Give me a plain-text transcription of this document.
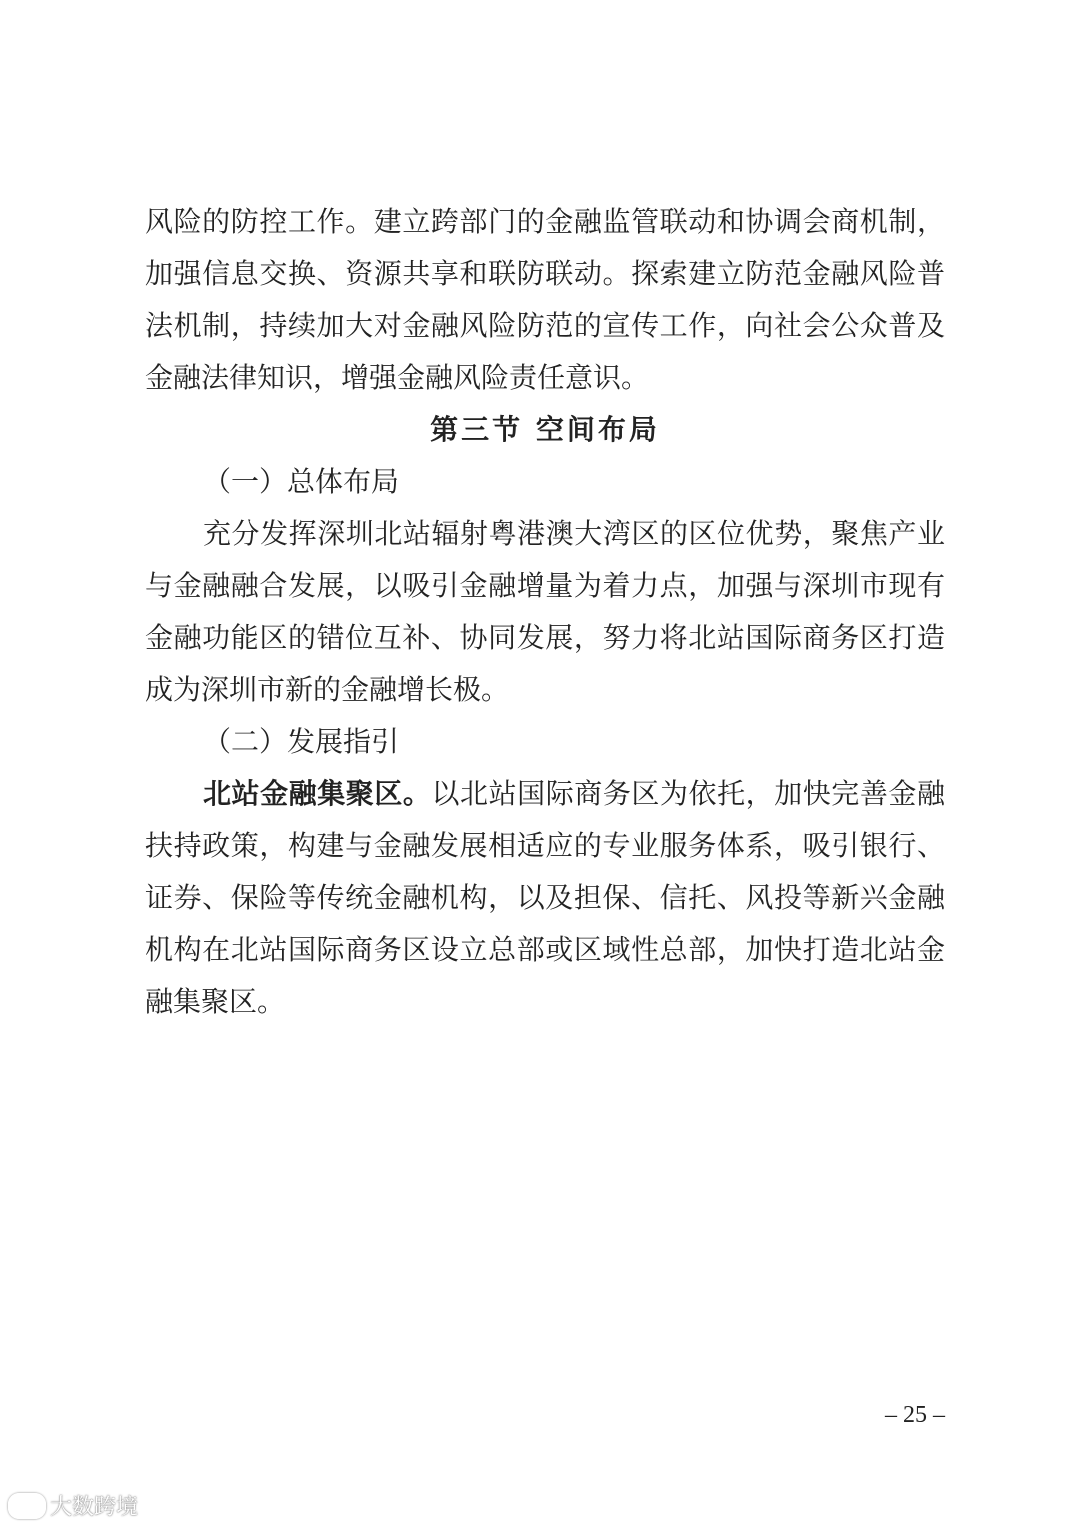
风险的防控工作。建立跨部门的金融监管联动和协调会商机制，
加强信息交换、资源共享和联防联动。探索建立防范金融风险普
法机制，持续加大对金融风险防范的宣传工作，向社会公众普及
金融法律知识，增强金融风险责任意识。
第三节 空间布局
（一）总体布局
充分发挥深圳北站辐射粤港澳大湾区的区位优势，聚焦产业
与金融融合发展，以吸引金融增量为着力点，加强与深圳市现有
金融功能区的错位互补、协同发展，努力将北站国际商务区打造
成为深圳市新的金融增长极。
（二）发展指引
北站金融集聚区。以北站国际商务区为依托，加快完善金融
扶持政策，构建与金融发展相适应的专业服务体系，吸引银行、
证券、保险等传统金融机构，以及担保、信托、风投等新兴金融
机构在北站国际商务区设立总部或区域性总部，加快打造北站金
融集聚区。
– 25 –
大数跨境
